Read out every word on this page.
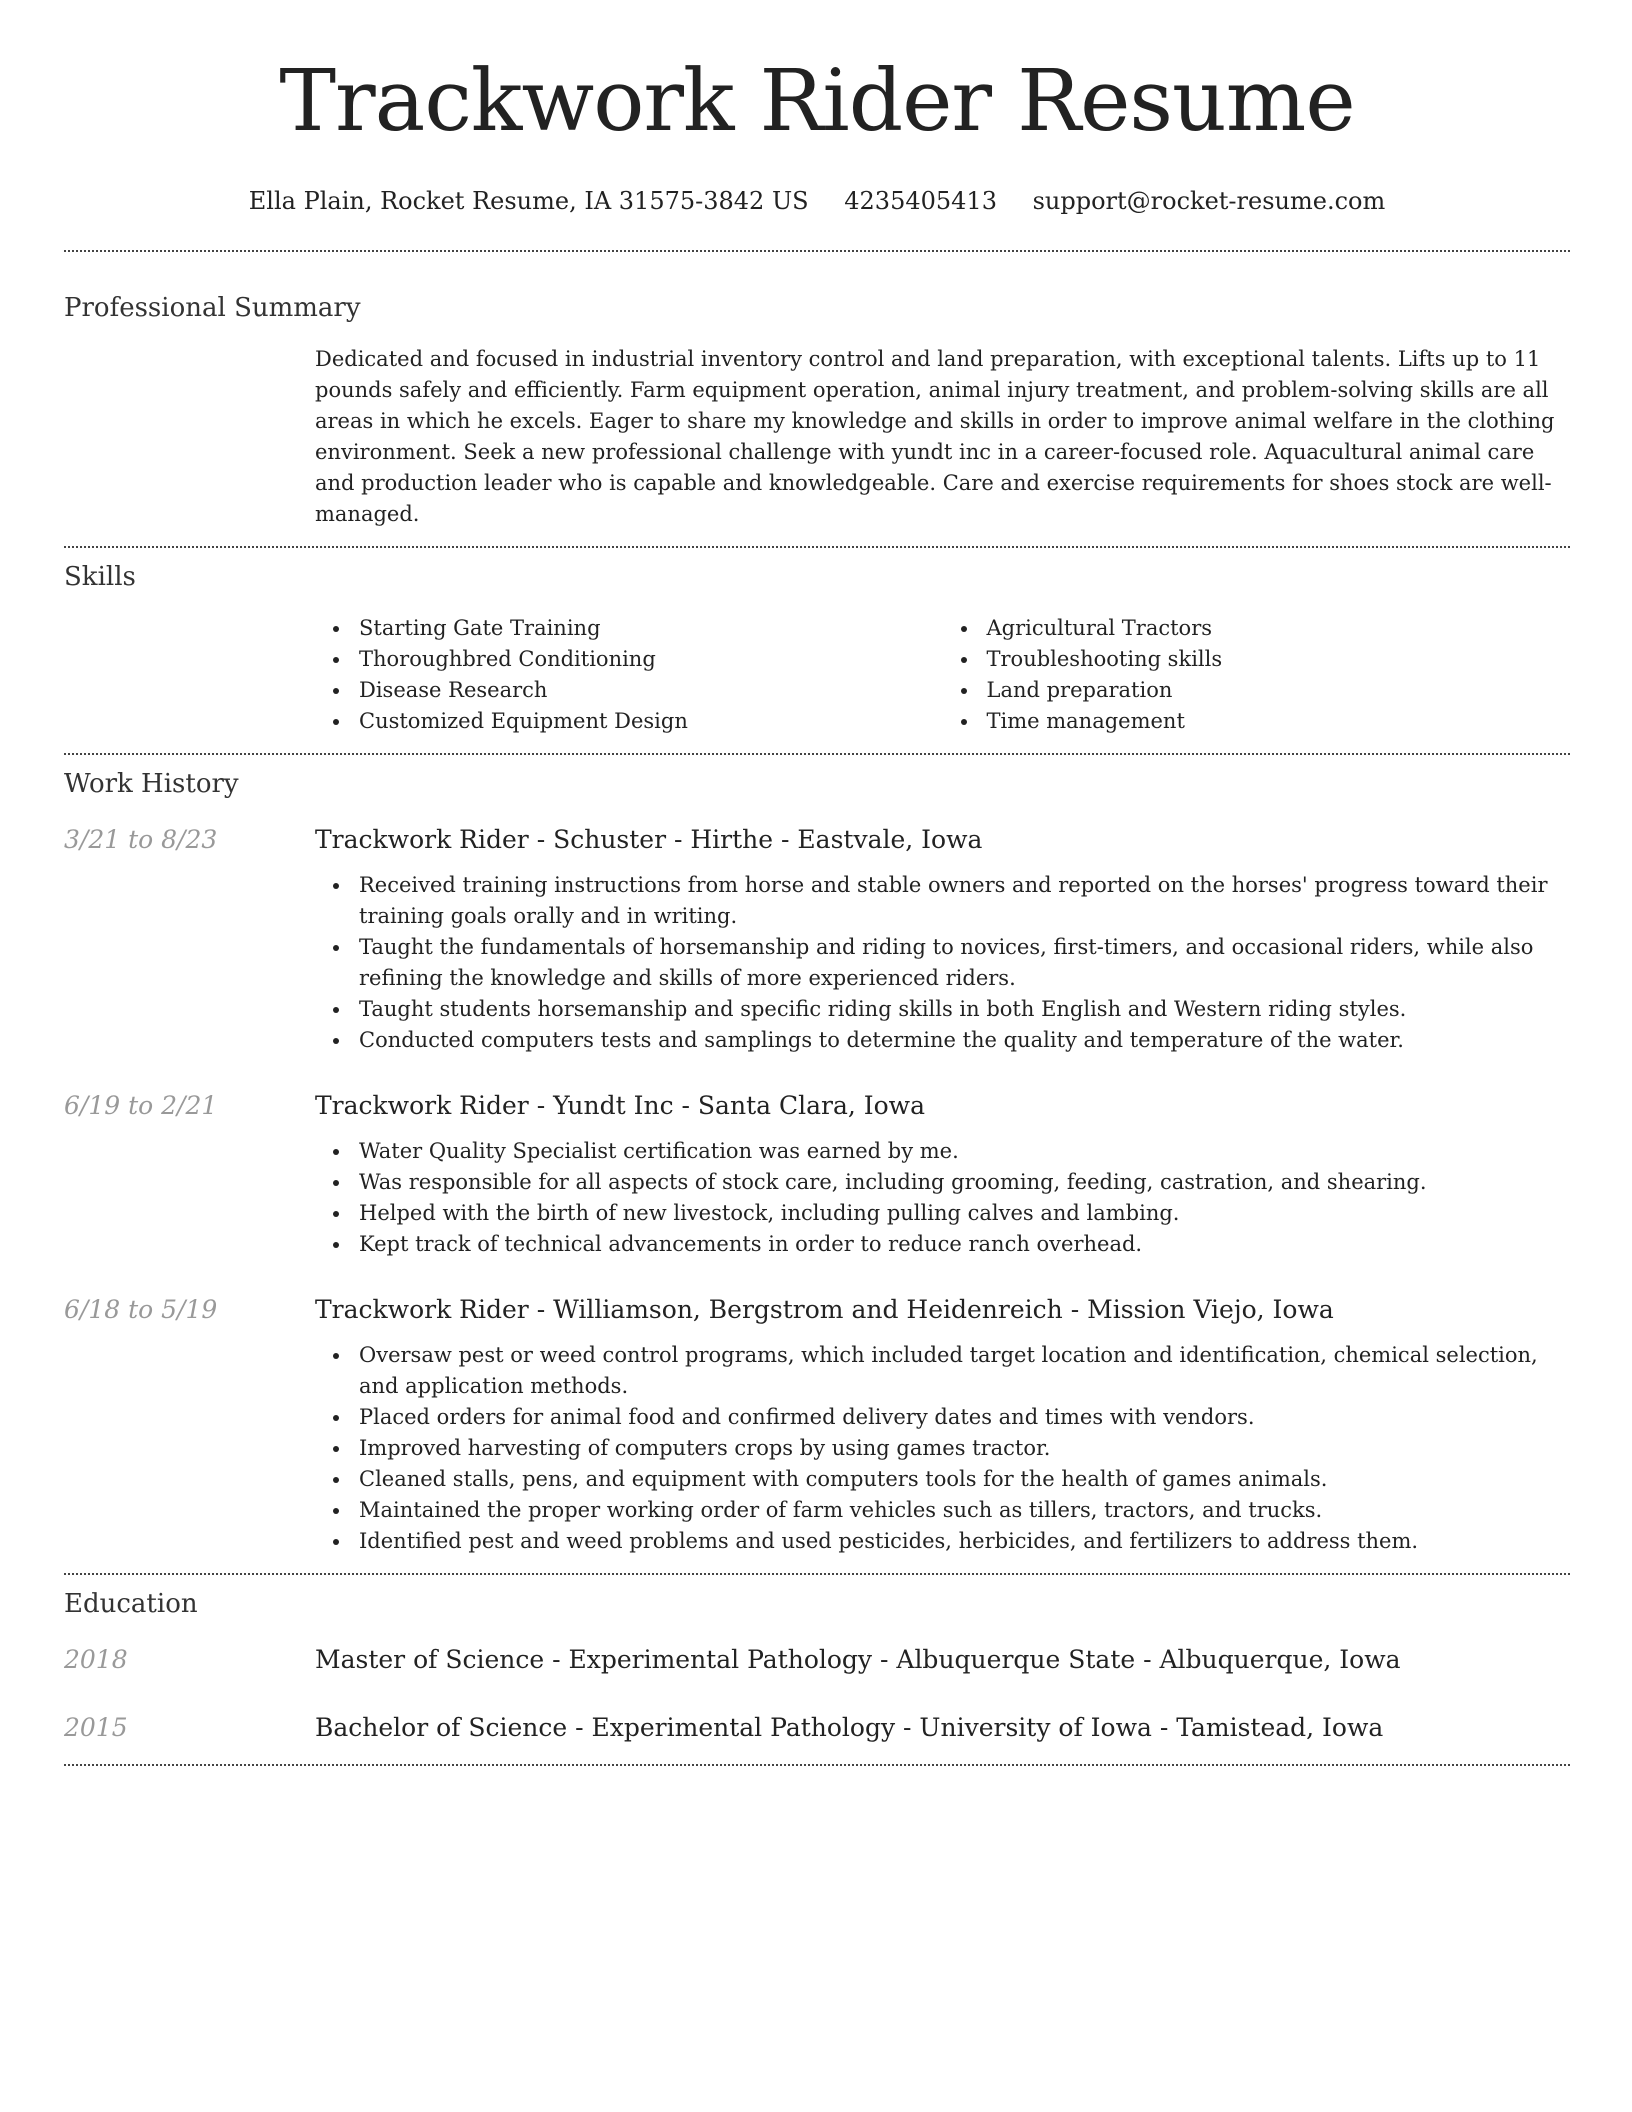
Trackwork Rider Resume
Ella Plain, Rocket Resume, IA 31575-3842 US 4235405413 support@rocket-resume.com
Professional Summary

Dedicated and focused in industrial inventory control and land preparation, with exceptional talents. Lifts up to 11 pounds safely and efficiently. Farm equipment operation, animal injury treatment, and problem-solving skills are all areas in which he excels. Eager to share my knowledge and skills in order to improve animal welfare in the clothing environment. Seek a new professional challenge with yundt inc in a career-focused role. Aquacultural animal care and production leader who is capable and knowledgeable. Care and exercise requirements for shoes stock are well-managed.

Skills
Starting Gate Training
Thoroughbred Conditioning
Disease Research
Customized Equipment Design
Agricultural Tractors
Troubleshooting skills
Land preparation
Time management
Work History
3/21 to 8/23	Trackwork Rider - Schuster - Hirthe - Eastvale, Iowa
Received training instructions from horse and stable owners and reported on the horses' progress toward their training goals orally and in writing.
Taught the fundamentals of horsemanship and riding to novices, first-timers, and occasional riders, while also refining the knowledge and skills of more experienced riders.
Taught students horsemanship and specific riding skills in both English and Western riding styles.
Conducted computers tests and samplings to determine the quality and temperature of the water.
6/19 to 2/21	Trackwork Rider - Yundt Inc - Santa Clara, Iowa
Water Quality Specialist certification was earned by me.
Was responsible for all aspects of stock care, including grooming, feeding, castration, and shearing.
Helped with the birth of new livestock, including pulling calves and lambing.
Kept track of technical advancements in order to reduce ranch overhead.
6/18 to 5/19	Trackwork Rider - Williamson, Bergstrom and Heidenreich - Mission Viejo, Iowa
Oversaw pest or weed control programs, which included target location and identification, chemical selection, and application methods.
Placed orders for animal food and confirmed delivery dates and times with vendors.
Improved harvesting of computers crops by using games tractor.
Cleaned stalls, pens, and equipment with computers tools for the health of games animals.
Maintained the proper working order of farm vehicles such as tillers, tractors, and trucks.
Identified pest and weed problems and used pesticides, herbicides, and fertilizers to address them.
Education
2018	Master of Science - Experimental Pathology - Albuquerque State - Albuquerque, Iowa
2015	Bachelor of Science - Experimental Pathology - University of Iowa - Tamistead, Iowa
